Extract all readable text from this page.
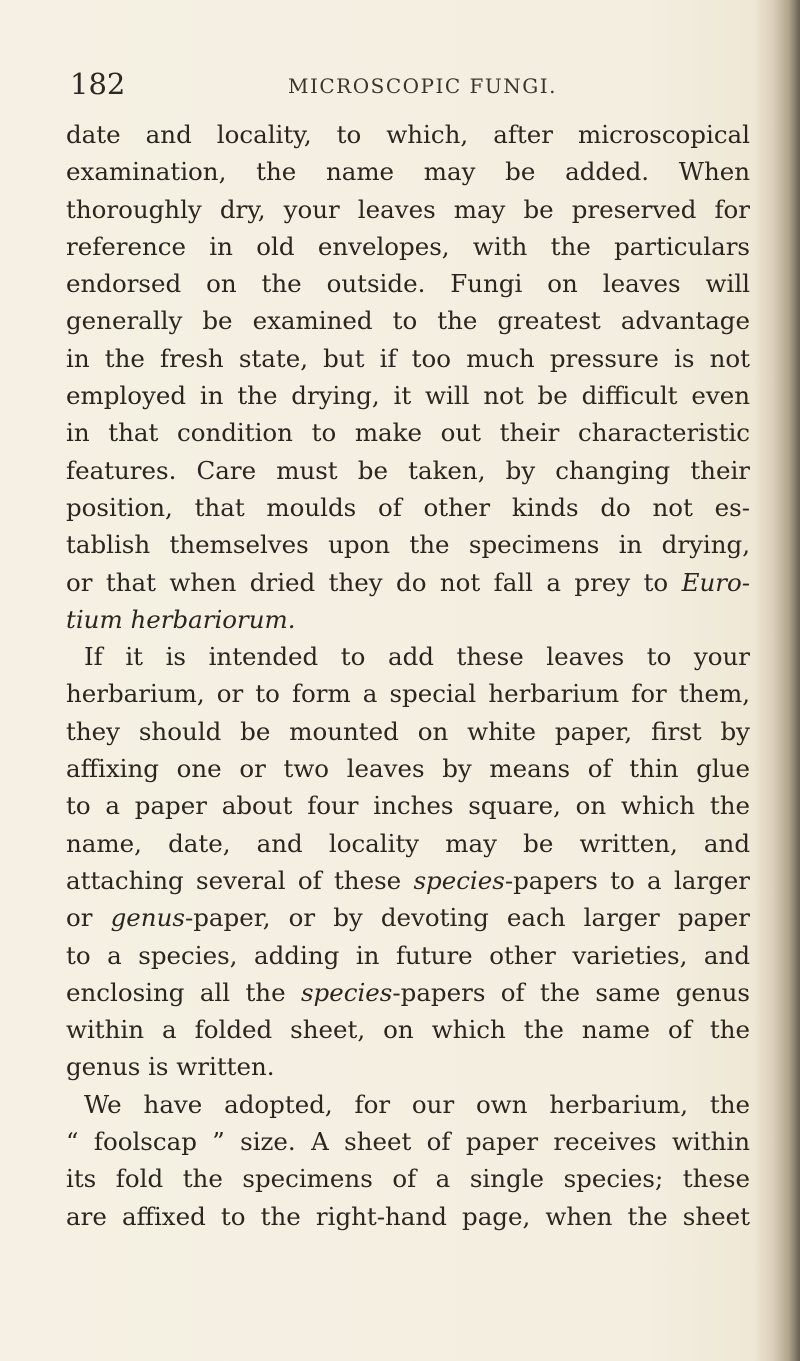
182	MICROSCOPIC FUNGI.
date and locality, to which, after microscopical
examination, the name may be added. When
thoroughly dry, your leaves may be preserved for
reference in old envelopes, with the particulars
endorsed on the outside. Fungi on leaves will
generally be examined to the greatest advantage
in the fresh state, but if too much pressure is not
employed in the drying, it will not be difficult even
in that condition to make out their characteristic
features. Care must be taken, by changing their
position, that moulds of other kinds do not es-
tablish themselves upon the specimens in drying,
or that when dried they do not fall a prey to Euro-
tium herbariorum.
If it is intended to add these leaves to your
herbarium, or to form a special herbarium for them,
they should be mounted on white paper, first by
affixing one or two leaves by means of thin glue
to a paper about four inches square, on which the
name, date, and locality may be written, and
attaching several of these species-papers to a larger
or genus-paper, or by devoting each larger paper
to a species, adding in future other varieties, and
enclosing all the species-papers of the same genus
within a folded sheet, on which the name of the
genus is written.
We have adopted, for our own herbarium, the
“ foolscap ” size. A sheet of paper receives within
its fold the specimens of a single species; these
are affixed to the right-hand page, when the sheet
